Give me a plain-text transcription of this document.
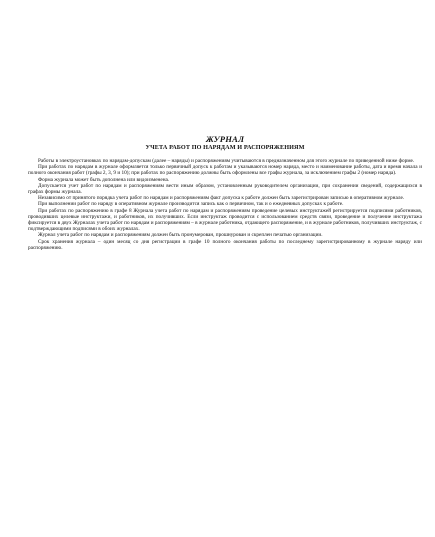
ЖУРНАЛ

УЧЕТА РАБОТ ПО НАРЯДАМ И РАСПОРЯЖЕНИЯМ

Работы в электроустановках по нарядам-допускам (далее – наряды) и распоряжениям учитываются в предназначенном для этого журнале по приведенной ниже форме.

При работах по нарядам в журнале оформляется только первичный допуск к работам и указываются номер наряда, место и наименование работы, дата и время начала и полного окончания работ (графы 2, 3, 9 и 10); при работах по распоряжению должны быть оформлены все графы журнала, за исключением графы 2 (номер наряда).

Форма журнала может быть дополнена или видоизменена.

Допускается учет работ по нарядам и распоряжениям вести иным образом, установленным руководителем организации, при сохранении сведений, содержащихся в графах формы журнала.

Независимо от принятого порядка учета работ по нарядам и распоряжениям факт допуска к работе должен быть зарегистрирован записью в оперативном журнале.

При выполнении работ по наряду в оперативном журнале производится запись как о первичном, так и о ежедневных допусках к работе.

При работах по распоряжению в графе 8 Журнала учета работ по нарядам и распоряжениям проведение целевых инструктажей регистрируется подписями работников, проводивших целевые инструктажи, и работников, их получивших. Если инструктаж проводится с использованием средств связи, проведение и получение инструктажа фиксируется в двух Журналах учета работ по нарядам и распоряжениям – в журнале работника, отдающего распоряжение, и в журнале работников, получивших инструктаж, с подтверждающими подписями в обоих журналах.

Журнал учета работ по нарядам и распоряжениям должен быть пронумерован, прошнурован и скреплен печатью организации.

Срок хранения журнала – один месяц со дня регистрации в графе 10 полного окончания работы по последнему зарегистрированному в журнале наряду или распоряжению.
